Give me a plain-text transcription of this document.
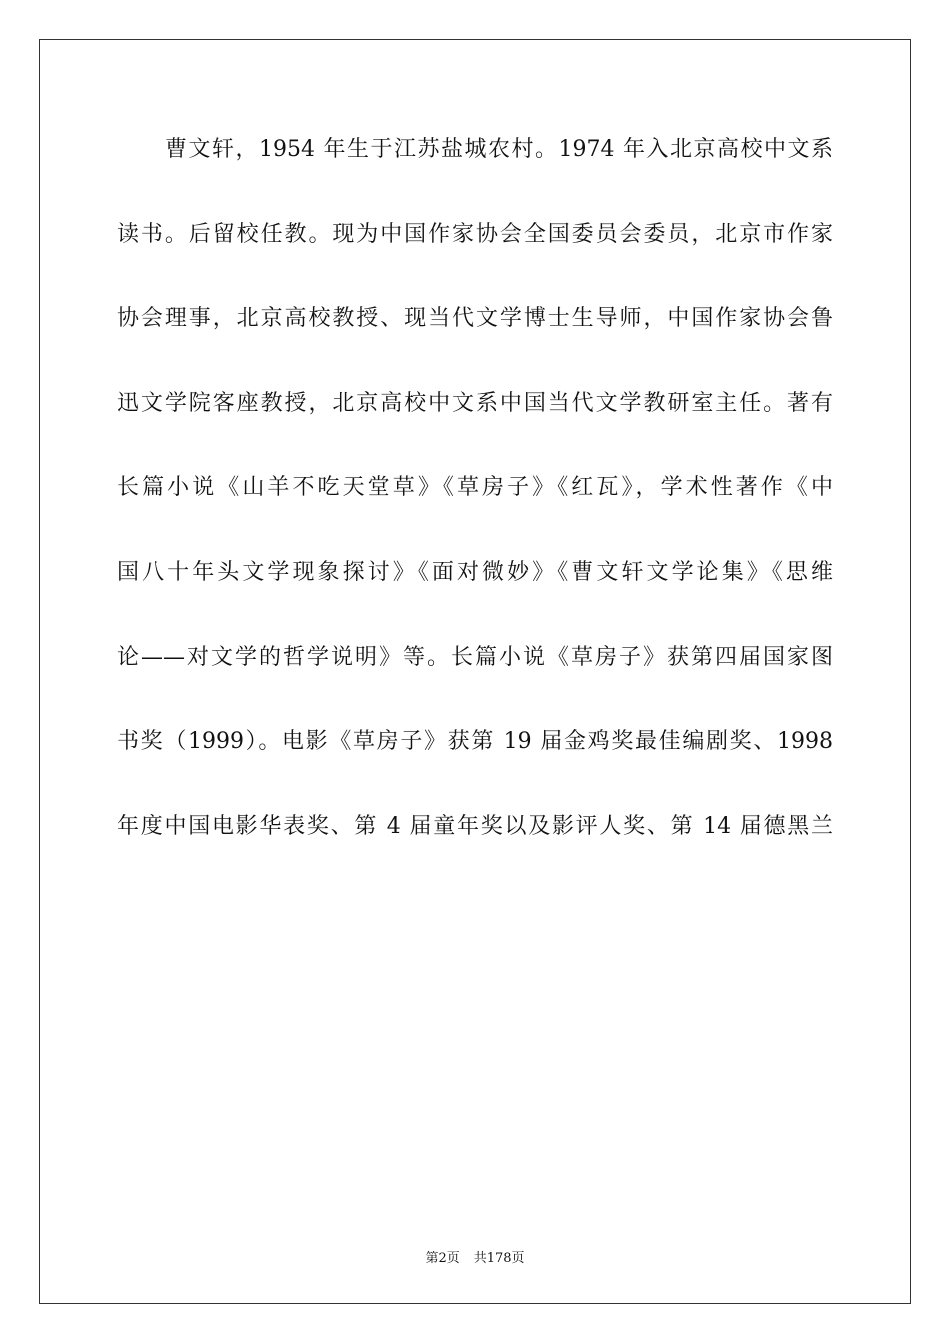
曹文轩，1954 年生于江苏盐城农村。1974 年入北京高校中文系
读书。后留校任教。现为中国作家协会全国委员会委员，北京市作家
协会理事，北京高校教授、现当代文学博士生导师，中国作家协会鲁
迅文学院客座教授，北京高校中文系中国当代文学教研室主任。著有
长篇小说《山羊不吃天堂草》《草房子》《红瓦》，学术性著作《中
国八十年头文学现象探讨》《面对微妙》《曹文轩文学论集》《思维
论——对文学的哲学说明》等。长篇小说《草房子》获第四届国家图
书奖（1999）。电影《草房子》获第 19 届金鸡奖最佳编剧奖、1998
年度中国电影华表奖、第 4 届童年奖以及影评人奖、第 14 届德黑兰
第2页 共178页
